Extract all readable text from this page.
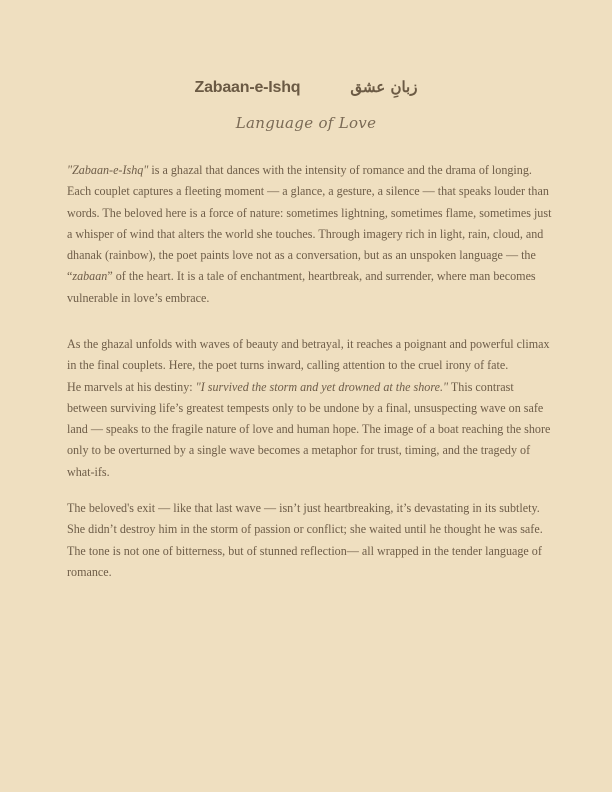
Zabaan-e-Ishq	زبانِ عشق
Language of Love

"Zabaan-e-Ishq" is a ghazal that dances with the intensity of romance and the drama of longing. Each couplet captures a fleeting moment — a glance, a gesture, a silence — that speaks louder than words. The beloved here is a force of nature: sometimes lightning, sometimes flame, sometimes just a whisper of wind that alters the world she touches. Through imagery rich in light, rain, cloud, and dhanak (rainbow), the poet paints love not as a conversation, but as an unspoken language — the “zabaan” of the heart. It is a tale of enchantment, heartbreak, and surrender, where man becomes vulnerable in love’s embrace.

As the ghazal unfolds with waves of beauty and betrayal, it reaches a poignant and powerful climax in the final couplets. Here, the poet turns inward, calling attention to the cruel irony of fate.
He marvels at his destiny: "I survived the storm and yet drowned at the shore." This contrast between surviving life’s greatest tempests only to be undone by a final, unsuspecting wave on safe land — speaks to the fragile nature of love and human hope. The image of a boat reaching the shore only to be overturned by a single wave becomes a metaphor for trust, timing, and the tragedy of what-ifs.

The beloved's exit — like that last wave — isn’t just heartbreaking, it’s devastating in its subtlety. She didn’t destroy him in the storm of passion or conflict; she waited until he thought he was safe. The tone is not one of bitterness, but of stunned reflection— all wrapped in the tender language of romance.
